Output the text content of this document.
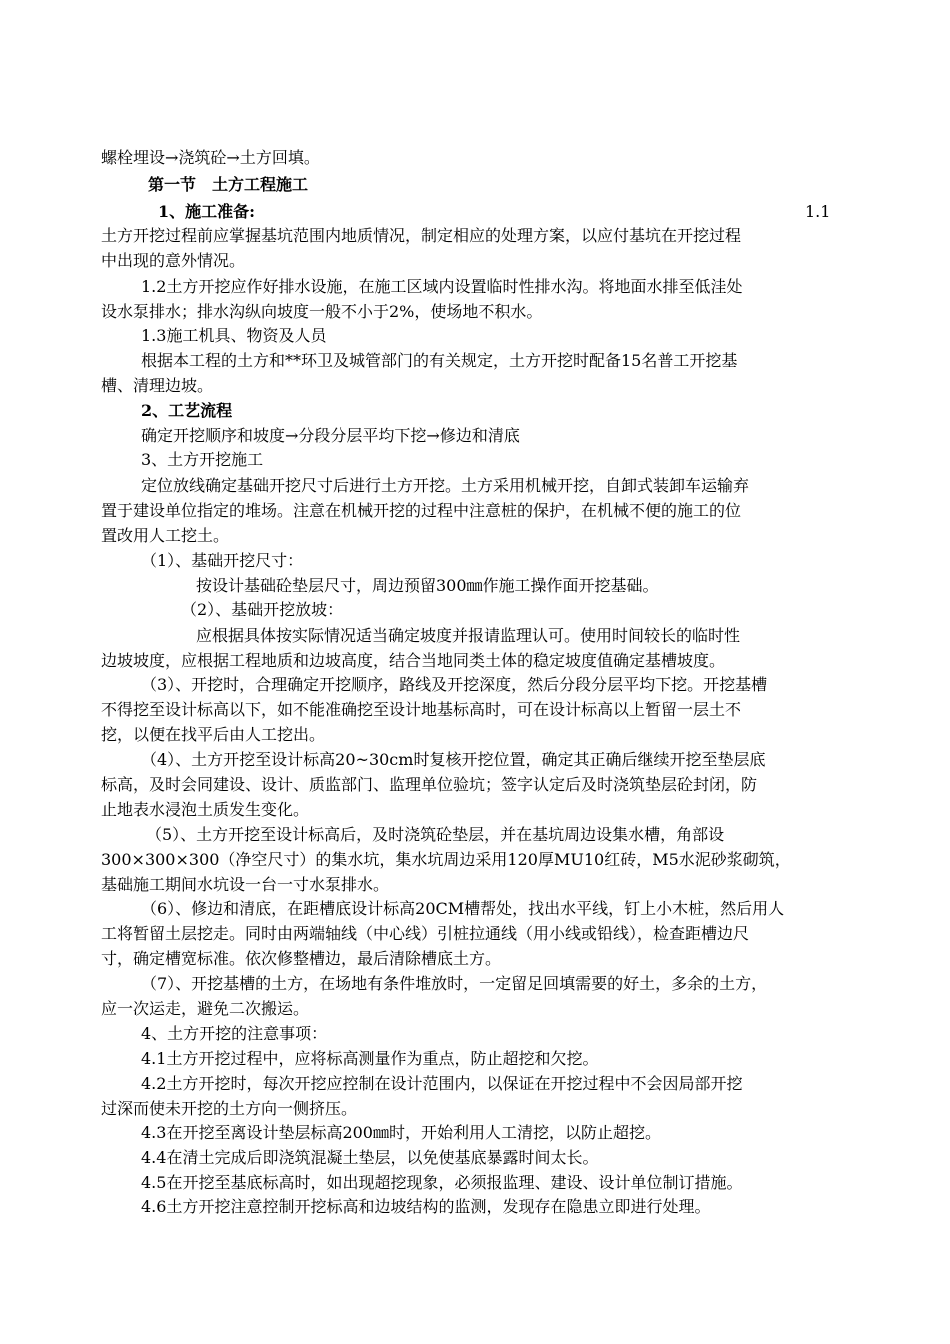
螺栓埋设→浇筑砼→土方回填。
第一节　土方工程施工
1、施工准备:	1.1
土方开挖过程前应掌握基坑范围内地质情况，制定相应的处理方案，以应付基坑在开挖过程
中出现的意外情况。
1.2土方开挖应作好排水设施，在施工区域内设置临时性排水沟。将地面水排至低洼处
设水泵排水；排水沟纵向坡度一般不小于2%，使场地不积水。
1.3施工机具、物资及人员
根据本工程的土方和**环卫及城管部门的有关规定，土方开挖时配备15名普工开挖基
槽、清理边坡。
2、工艺流程
确定开挖顺序和坡度→分段分层平均下挖→修边和清底
3、土方开挖施工
定位放线确定基础开挖尺寸后进行土方开挖。土方采用机械开挖，自卸式装卸车运输弃
置于建设单位指定的堆场。注意在机械开挖的过程中注意桩的保护，在机械不便的施工的位
置改用人工挖土。
（1）、基础开挖尺寸：
按设计基础砼垫层尺寸，周边预留300㎜作施工操作面开挖基础。
（2）、基础开挖放坡：
应根据具体按实际情况适当确定坡度并报请监理认可。使用时间较长的临时性
边坡坡度，应根据工程地质和边坡高度，结合当地同类土体的稳定坡度值确定基槽坡度。
（3）、开挖时，合理确定开挖顺序，路线及开挖深度，然后分段分层平均下挖。开挖基槽
不得挖至设计标高以下，如不能准确挖至设计地基标高时，可在设计标高以上暂留一层土不
挖，以便在找平后由人工挖出。
（4）、土方开挖至设计标高20~30cm时复核开挖位置，确定其正确后继续开挖至垫层底
标高，及时会同建设、设计、质监部门、监理单位验坑；签字认定后及时浇筑垫层砼封闭，防
止地表水浸泡土质发生变化。
（5）、土方开挖至设计标高后，及时浇筑砼垫层，并在基坑周边设集水槽，角部设
300×300×300（净空尺寸）的集水坑，集水坑周边采用120厚MU10红砖，M5水泥砂浆砌筑，
基础施工期间水坑设一台一寸水泵排水。
（6）、修边和清底，在距槽底设计标高20CM槽帮处，找出水平线，钉上小木桩，然后用人
工将暂留土层挖走。同时由两端轴线（中心线）引桩拉通线（用小线或铅线），检查距槽边尺
寸，确定槽宽标准。依次修整槽边，最后清除槽底土方。
（7）、开挖基槽的土方，在场地有条件堆放时，一定留足回填需要的好土，多余的土方，
应一次运走，避免二次搬运。
4、土方开挖的注意事项：
4.1土方开挖过程中，应将标高测量作为重点，防止超挖和欠挖。
4.2土方开挖时，每次开挖应控制在设计范围内，以保证在开挖过程中不会因局部开挖
过深而使未开挖的土方向一侧挤压。
4.3在开挖至离设计垫层标高200㎜时，开始利用人工清挖，以防止超挖。
4.4在清土完成后即浇筑混凝土垫层，以免使基底暴露时间太长。
4.5在开挖至基底标高时，如出现超挖现象，必须报监理、建设、设计单位制订措施。
4.6土方开挖注意控制开挖标高和边坡结构的监测，发现存在隐患立即进行处理。
